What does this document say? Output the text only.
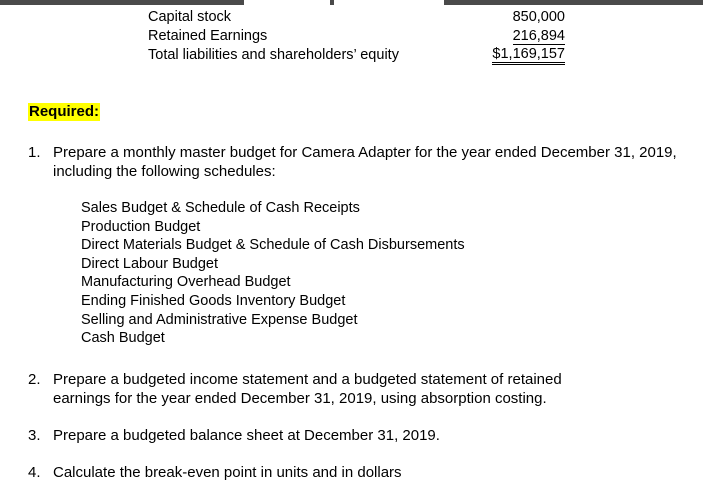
Capital stock	850,000
Retained Earnings	216,894
Total liabilities and shareholders’ equity	$1,169,157
Required:
1. Prepare a monthly master budget for Camera Adapter for the year ended December 31, 2019, including the following schedules:
Sales Budget & Schedule of Cash Receipts
Production Budget
Direct Materials Budget & Schedule of Cash Disbursements
Direct Labour Budget
Manufacturing Overhead Budget
Ending Finished Goods Inventory Budget
Selling and Administrative Expense Budget
Cash Budget
2. Prepare a budgeted income statement and a budgeted statement of retained earnings for the year ended December 31, 2019, using absorption costing.
3. Prepare a budgeted balance sheet at December 31, 2019.
4. Calculate the break-even point in units and in dollars
